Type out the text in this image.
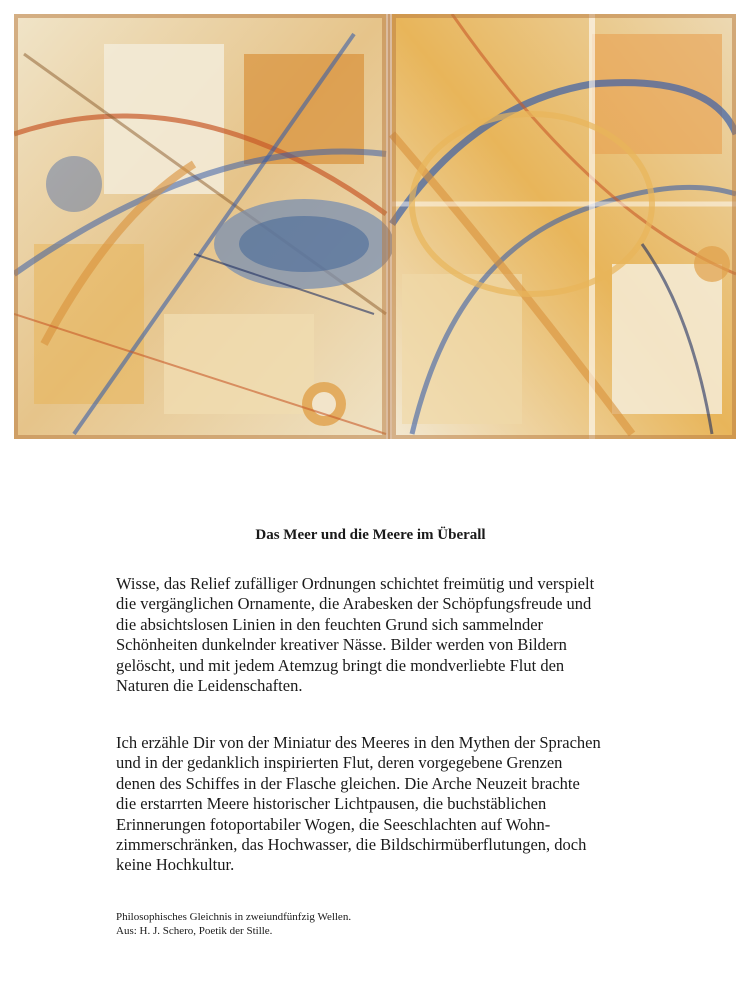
Das Meer und die Meere im Überall

Wisse, das Relief zufälliger Ordnungen schichtet freimütig und verspielt
die vergänglichen Ornamente, die Arabesken der Schöpfungsfreude und
die absichtslosen Linien in den feuchten Grund sich sammelnder
Schönheiten dunkelnder kreativer Nässe. Bilder werden von Bildern
gelöscht, und mit jedem Atemzug bringt die mondverliebte Flut den
Naturen die Leidenschaften.

Ich erzähle Dir von der Miniatur des Meeres in den Mythen der Sprachen
und in der gedanklich inspirierten Flut, deren vorgegebene Grenzen
denen des Schiffes in der Flasche gleichen. Die Arche Neuzeit brachte
die erstarrten Meere historischer Lichtpausen, die buchstäblichen
Erinnerungen fotoportabiler Wogen, die Seeschlachten auf Wohn-
zimmerschränken, das Hochwasser, die Bildschirmüberflutungen, doch
keine Hochkultur.

Philosophisches Gleichnis in zweiundfünfzig Wellen.
Aus: H. J. Schero, Poetik der Stille.
